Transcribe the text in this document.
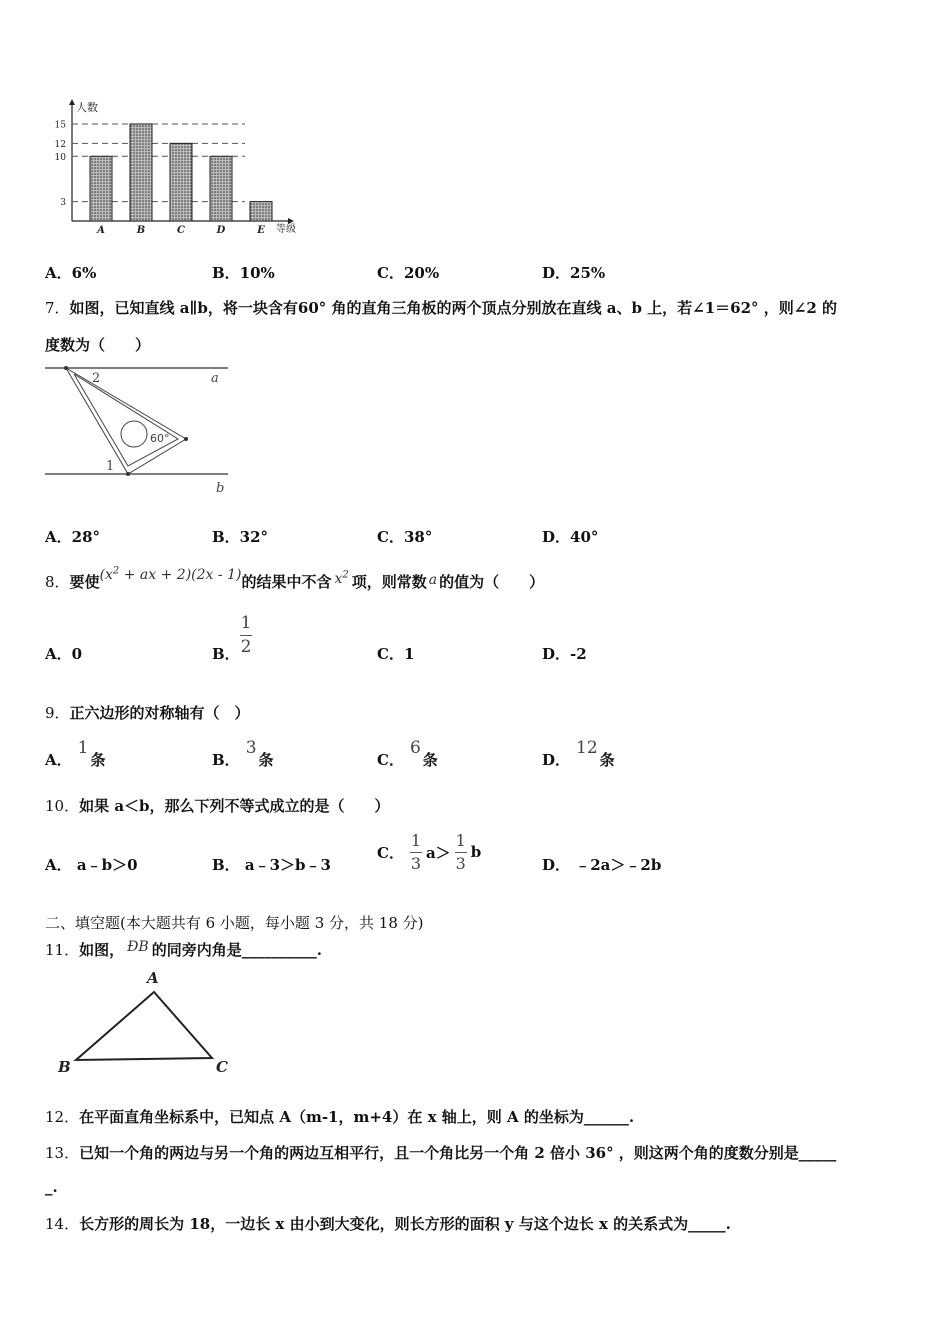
人数
等级
15
12
10
3
A	B	C	D	E
A．6%	B．10%	C．20%	D．25%
7．如图，已知直线 a∥b，将一块含有60° 角的直角三角板的两个顶点分别放在直线 a、b 上，若∠1＝62° ，则∠2 的
度数为（　　）
a
b
2
1
60°
A．28°	B．32°	C．38°	D．40°
8．要使($x^2$ + ax + 2)(2x - 1)的结果中不含 $x^2$ 项，则常数 a 的值为（　　）
A．0	B． $\frac{1}{2}$	C．1	D．-2
9．正六边形的对称轴有（　）
A．1条	B．3条	C．6条	D．12条
10．如果 a＜b，那么下列不等式成立的是（　　）
A． a﹣b＞0	B． a﹣3＞b﹣3
C． $\frac{1}{3} a> \frac{1}{3}$ b
D． ﹣2a＞﹣2b
二、填空题(本大题共有 6 小题，每小题 3 分，共 18 分)
11．如图， ÐB 的同旁内角是__________.
A
B	C
12．在平面直角坐标系中，已知点 A（m-1，m+4）在 x 轴上，则 A 的坐标为______.
13．已知一个角的两边与另一个角的两边互相平行，且一个角比另一个角 2 倍小 36° ，则这两个角的度数分别是_____
_.
14．长方形的周长为 18，一边长 x 由小到大变化，则长方形的面积 y 与这个边长 x 的关系式为_____.
